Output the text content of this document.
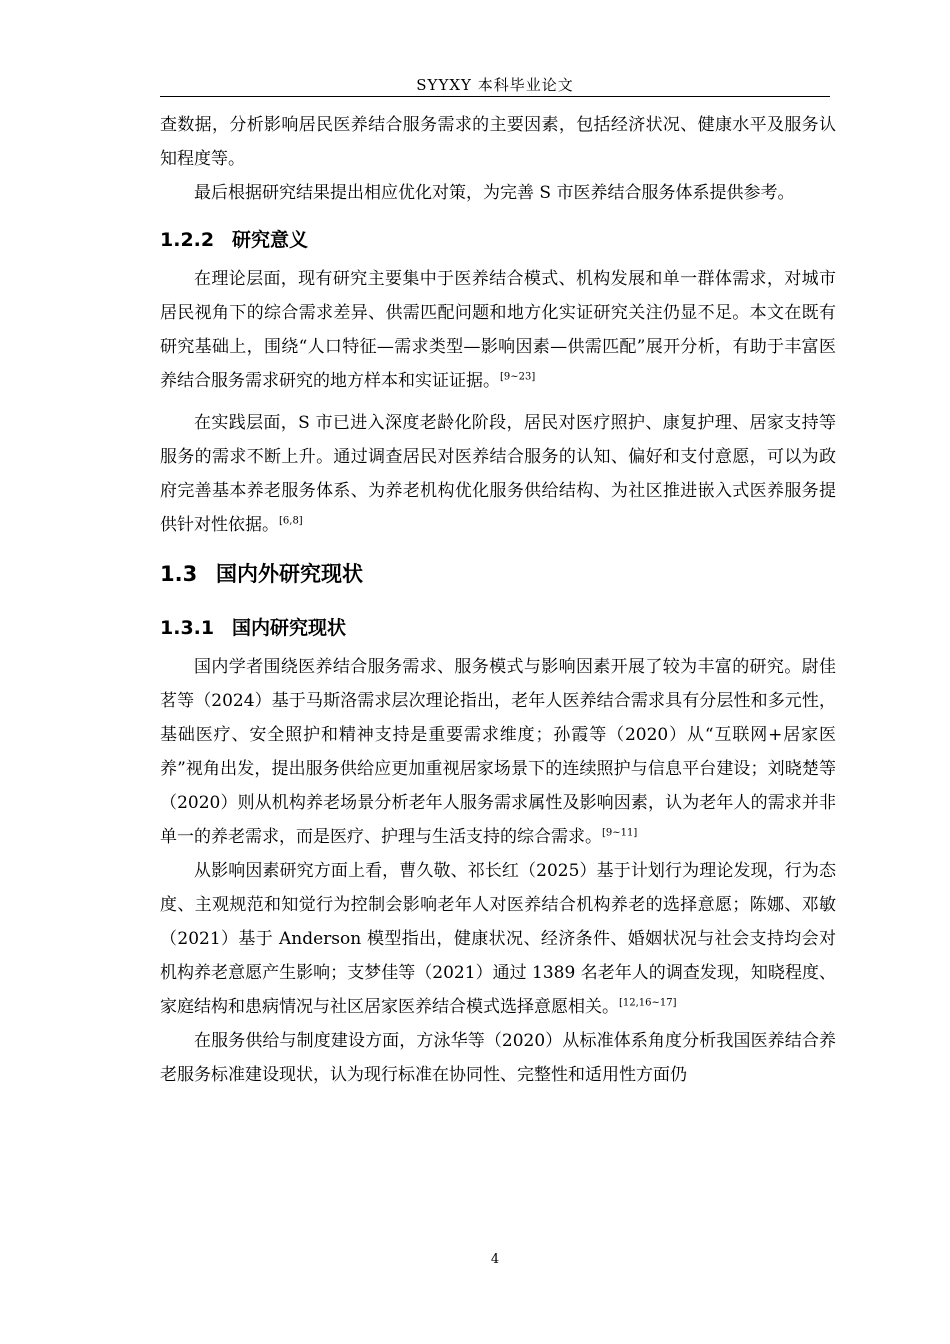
SYYXY 本科毕业论文

查数据，分析影响居民医养结合服务需求的主要因素，包括经济状况、健康水平及服务认知程度等。

最后根据研究结果提出相应优化对策，为完善 S 市医养结合服务体系提供参考。

1.2.2 研究意义

在理论层面，现有研究主要集中于医养结合模式、机构发展和单一群体需求，对城市居民视角下的综合需求差异、供需匹配问题和地方化实证研究关注仍显不足。本文在既有研究基础上，围绕“人口特征—需求类型—影响因素—供需匹配”展开分析，有助于丰富医养结合服务需求研究的地方样本和实证证据。[9~23]

在实践层面，S 市已进入深度老龄化阶段，居民对医疗照护、康复护理、居家支持等服务的需求不断上升。通过调查居民对医养结合服务的认知、偏好和支付意愿，可以为政府完善基本养老服务体系、为养老机构优化服务供给结构、为社区推进嵌入式医养服务提供针对性依据。[6,8]

1.3 国内外研究现状
1.3.1 国内研究现状

国内学者围绕医养结合服务需求、服务模式与影响因素开展了较为丰富的研究。尉佳茗等（2024）基于马斯洛需求层次理论指出，老年人医养结合需求具有分层性和多元性，基础医疗、安全照护和精神支持是重要需求维度；孙霞等（2020）从“互联网+居家医养”视角出发，提出服务供给应更加重视居家场景下的连续照护与信息平台建设；刘晓楚等（2020）则从机构养老场景分析老年人服务需求属性及影响因素，认为老年人的需求并非单一的养老需求，而是医疗、护理与生活支持的综合需求。[9~11]

从影响因素研究方面上看，曹久敬、祁长红（2025）基于计划行为理论发现，行为态度、主观规范和知觉行为控制会影响老年人对医养结合机构养老的选择意愿；陈娜、邓敏（2021）基于 Anderson 模型指出，健康状况、经济条件、婚姻状况与社会支持均会对机构养老意愿产生影响；支梦佳等（2021）通过 1389 名老年人的调查发现，知晓程度、家庭结构和患病情况与社区居家医养结合模式选择意愿相关。[12,16~17]

在服务供给与制度建设方面，方泳华等（2020）从标准体系角度分析我国医养结合养老服务标准建设现状，认为现行标准在协同性、完整性和适用性方面仍

4
